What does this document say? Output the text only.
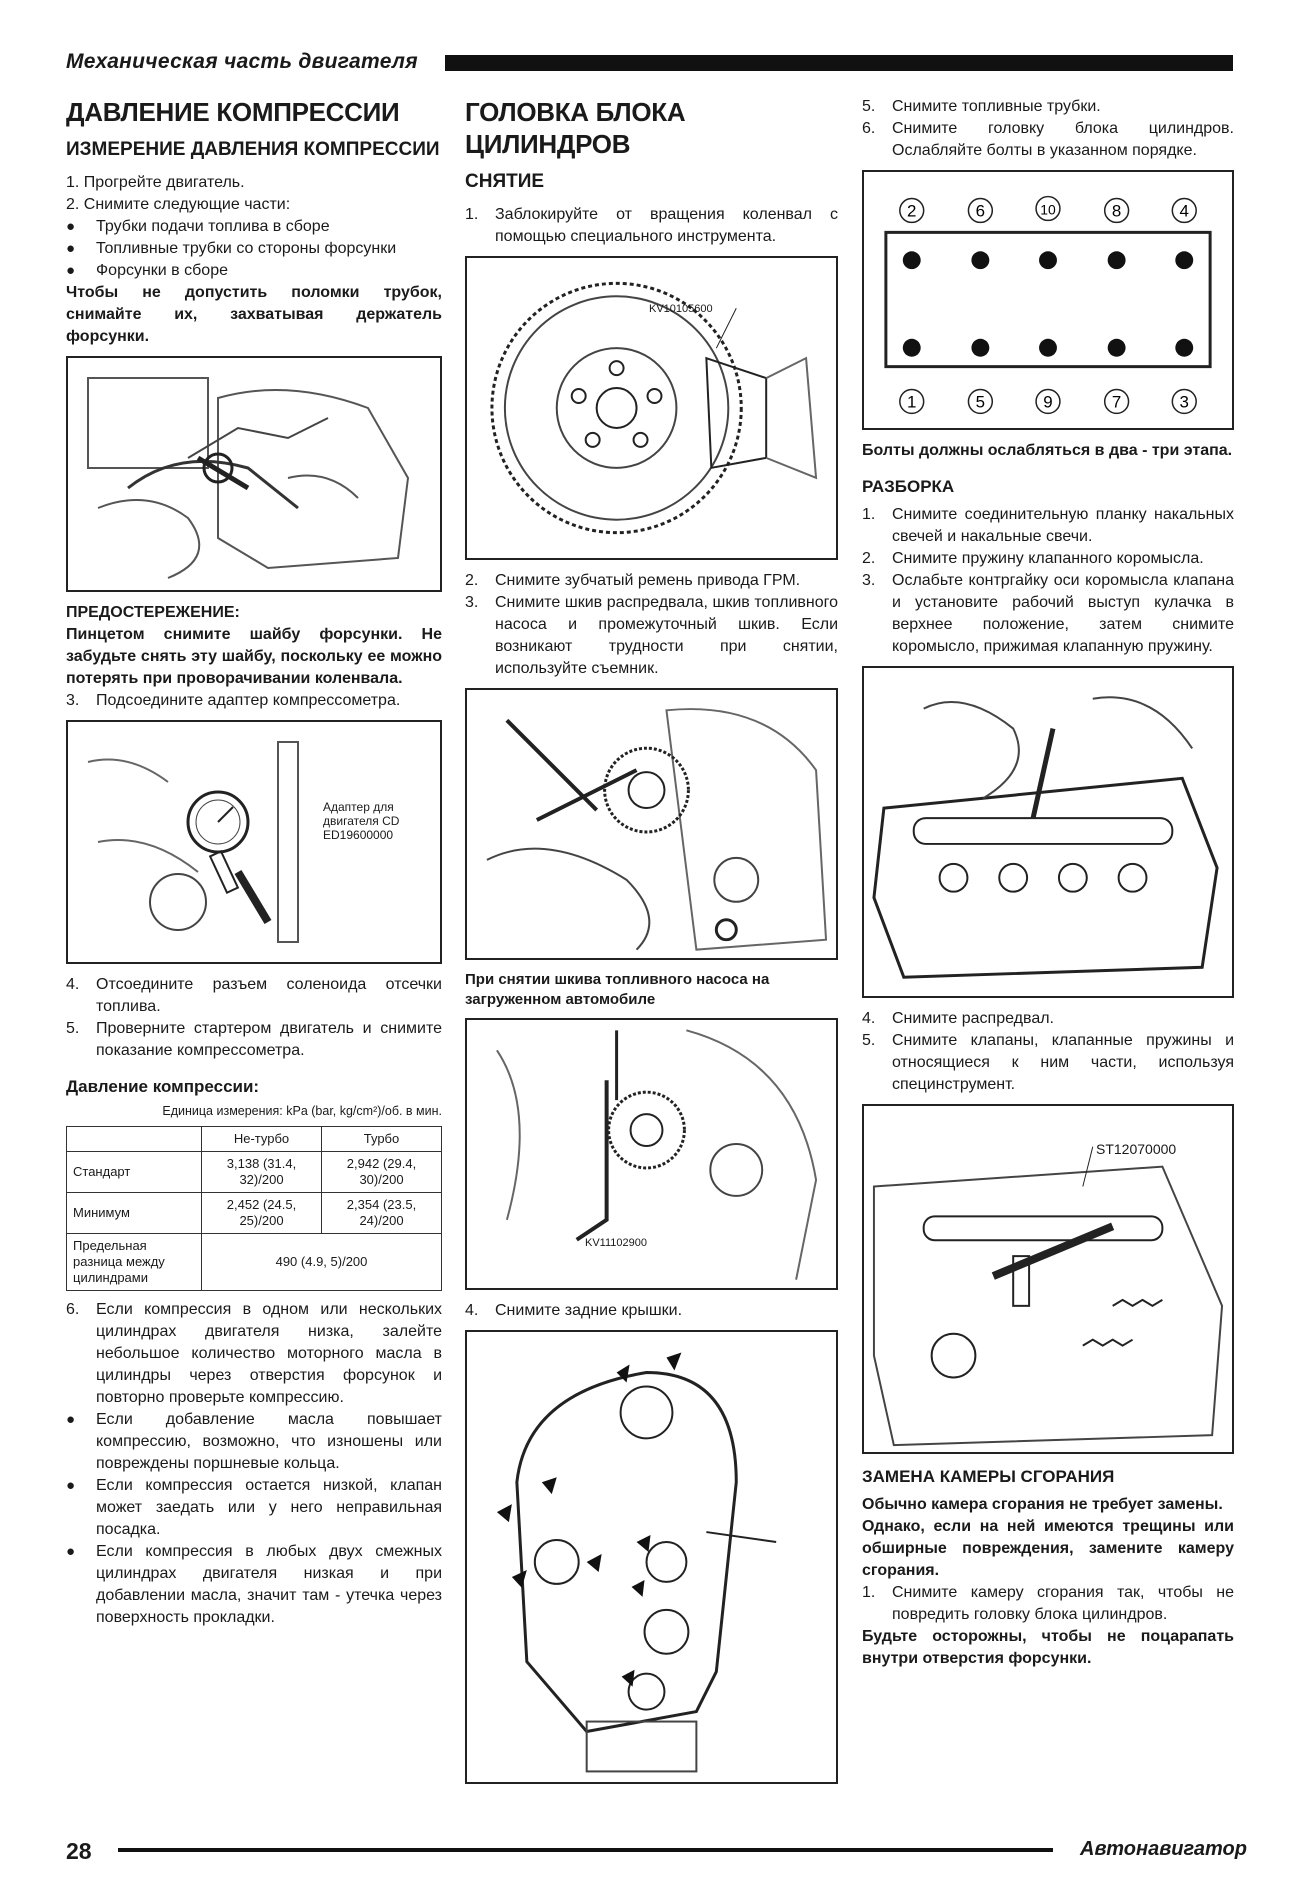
Механическая часть двигателя
ДАВЛЕНИЕ КОМПРЕССИИ
ИЗМЕРЕНИЕ ДАВЛЕНИЯ КОМПРЕССИИ

1. Прогрейте двигатель.

2. Снимите следующие части:

●	Трубки подачи топлива в сборе
●	Топливные трубки со стороны форсунки
●	Форсунки в сборе

Чтобы не допустить поломки трубок, снимайте их, захватывая держатель форсунки.

ПРЕДОСТЕРЕЖЕНИЕ:

Пинцетом снимите шайбу форсунки. Не забудьте снять эту шайбу, поскольку ее можно потерять при проворачивании коленвала.

3.	Подсоедините адаптер компрессометра.
Адаптер для двигателя CD ED19600000
4.	Отсоедините разъем соленоида отсечки топлива.
5.	Проверните стартером двигатель и снимите показание компрессометра.
Давление компрессии:
Единица измерения: kPa (bar, kg/cm²)/об. в мин.
	Не-турбо	Турбо
Стандарт	3,138 (31.4, 32)/200	2,942 (29.4, 30)/200
Минимум	2,452 (24.5, 25)/200	2,354 (23.5, 24)/200
Предельная разница между цилиндрами	490 (4.9, 5)/200	
6.	Если компрессия в одном или нескольких цилиндрах двигателя низка, залейте небольшое количество моторного масла в цилиндры через отверстия форсунок и повторно проверьте компрессию.
●	Если добавление масла повышает компрессию, возможно, что изношены или повреждены поршневые кольца.
●	Если компрессия остается низкой, клапан может заедать или у него неправильная посадка.
●	Если компрессия в любых двух смежных цилиндрах двигателя низкая и при добавлении масла, значит там - утечка через поверхность прокладки.
ГОЛОВКА БЛОКА ЦИЛИНДРОВ
СНЯТИЕ
1.	Заблокируйте от вращения коленвал с помощью специального инструмента.
KV10105600
2.	Снимите зубчатый ремень привода ГРМ.
3.	Снимите шкив распредвала, шкив топливного насоса и промежуточный шкив. Если возникают трудности при снятии, используйте съемник.
При снятии шкива топливного насоса на загруженном автомобиле
KV11102900
4.	Снимите задние крышки.
5.	Снимите топливные трубки.
6.	Снимите головку блока цилиндров. Ослабляйте болты в указанном порядке.
2	6	10	8	4
1	5	9	7	3

Болты должны ослабляться в два - три этапа.

РАЗБОРКА
1.	Снимите соединительную планку накальных свечей и накальные свечи.
2.	Снимите пружину клапанного коромысла.
3.	Ослабьте контргайку оси коромысла клапана и установите рабочий выступ кулачка в верхнее положение, затем снимите коромысло, прижимая клапанную пружину.
4.	Снимите распредвал.
5.	Снимите клапаны, клапанные пружины и относящиеся к ним части, используя специнструмент.
ST12070000
ЗАМЕНА КАМЕРЫ СГОРАНИЯ

Обычно камера сгорания не требует замены.

Однако, если на ней имеются трещины или обширные повреждения, замените камеру сгорания.

1.	Снимите камеру сгорания так, чтобы не повредить головку блока цилиндров.

Будьте осторожны, чтобы не поцарапать внутри отверстия форсунки.

28	Автонавигатор
